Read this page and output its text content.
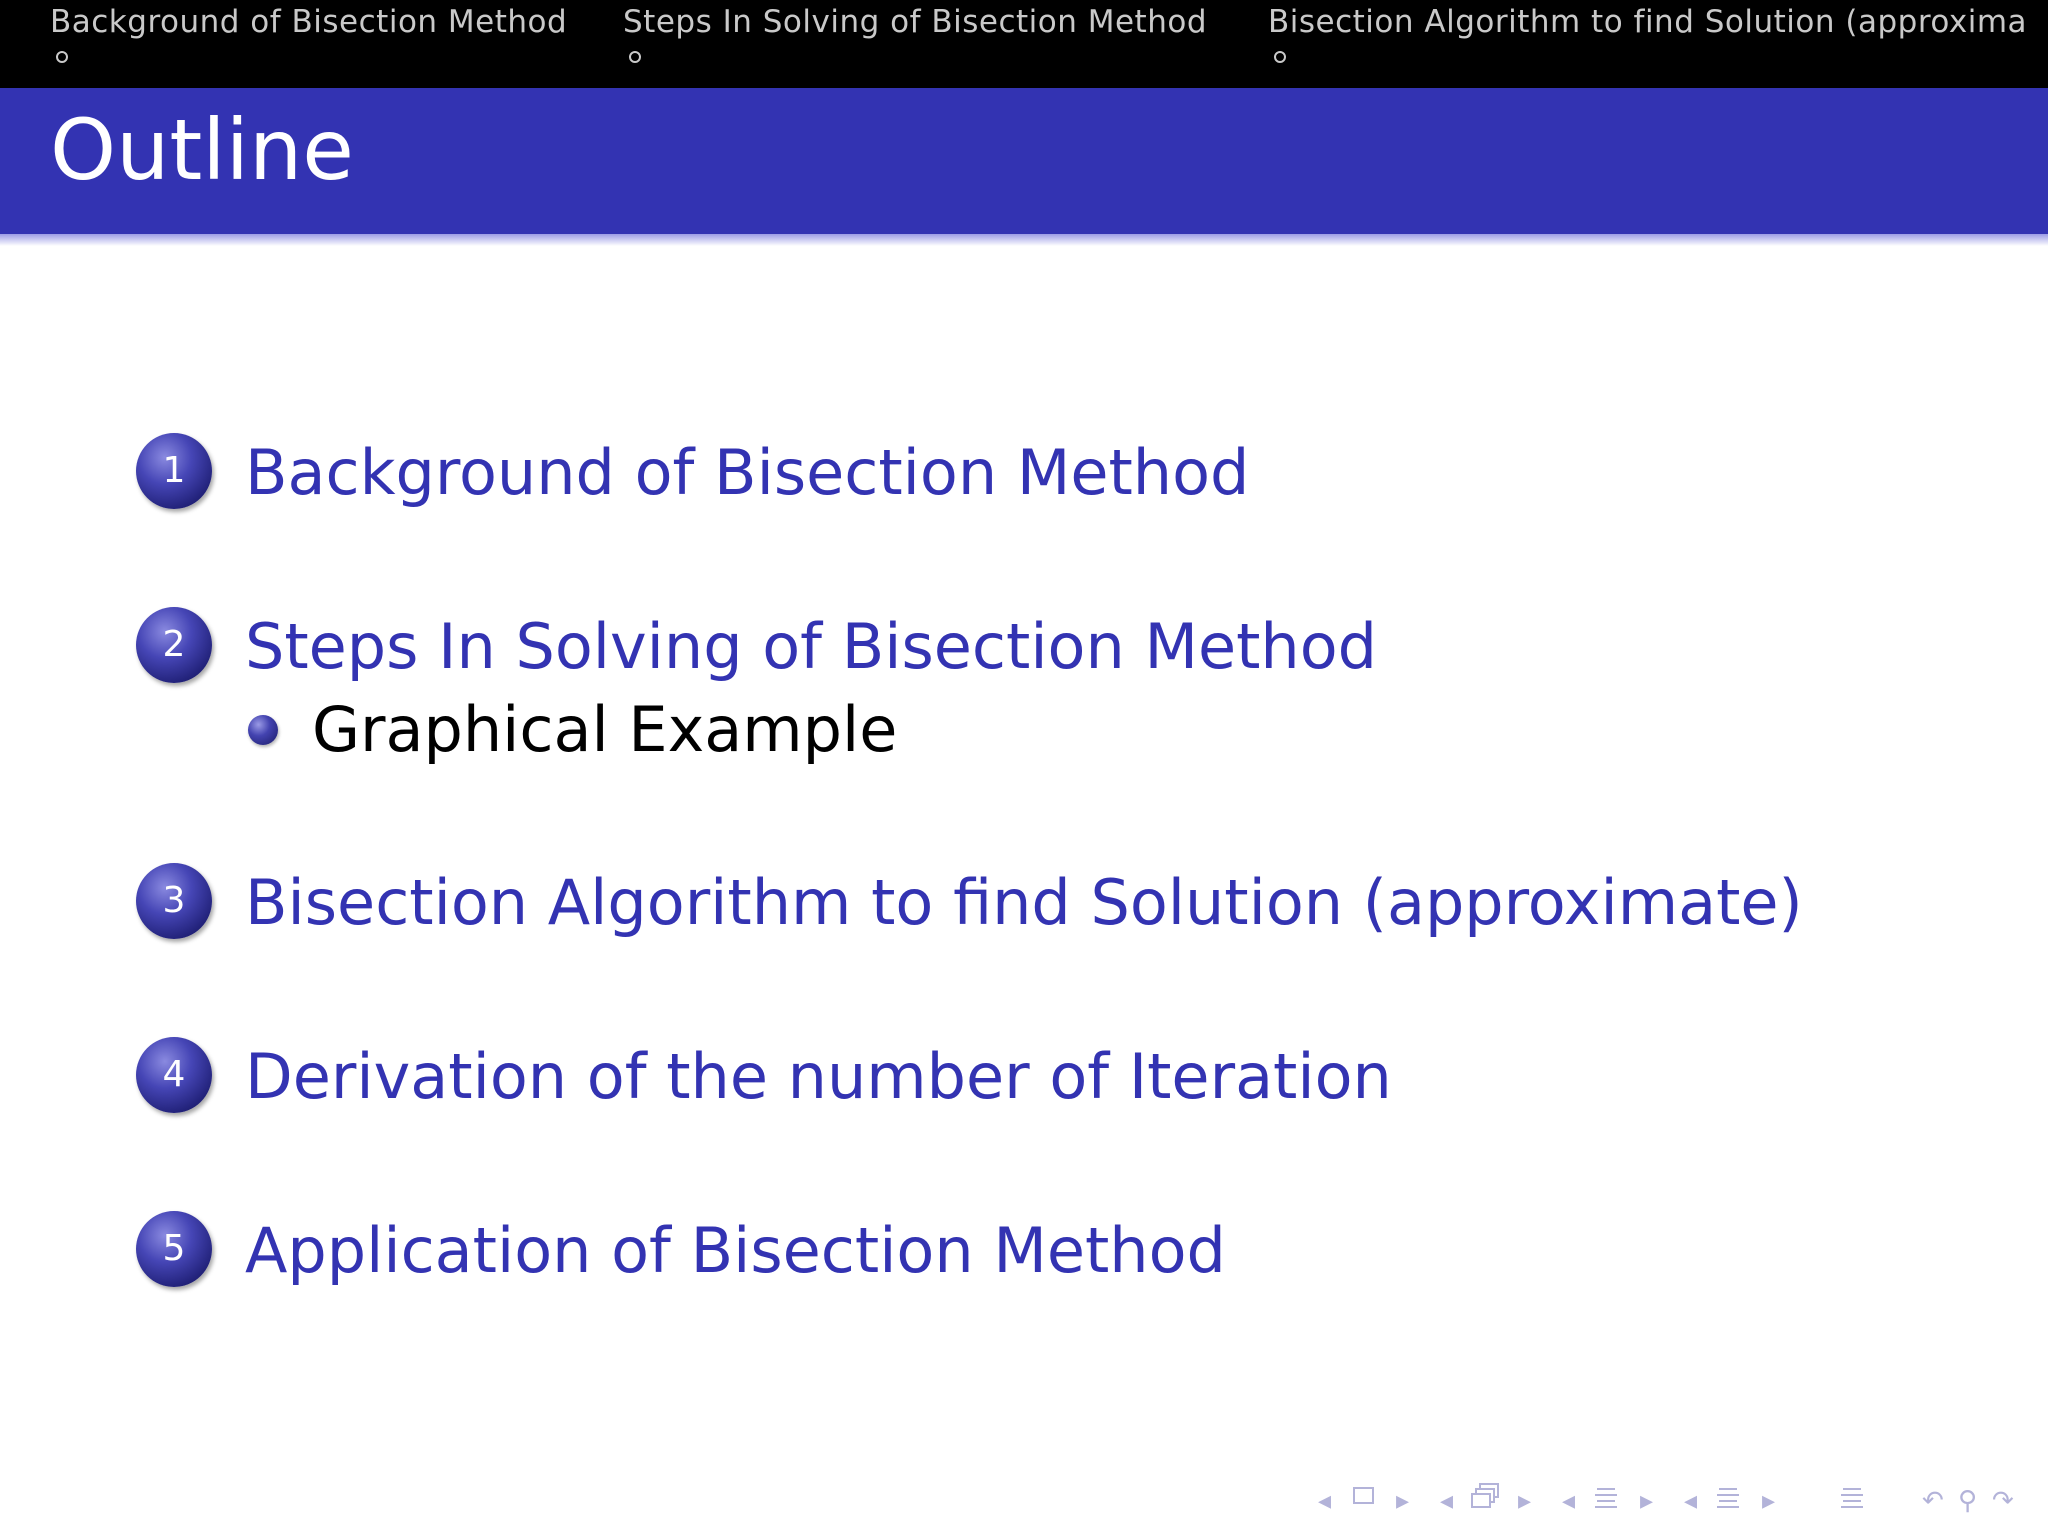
Background of Bisection Method Steps In Solving of Bisection Method Bisection Algorithm to find Solution (approxima
Outline
1 Background of Bisection Method
2 Steps In Solving of Bisection Method
Graphical Example
3 Bisection Algorithm to find Solution (approximate)
4 Derivation of the number of Iteration
5 Application of Bisection Method
◂ ▸ ◂ ▸ ◂ ▸ ◂ ▸	↶ ⚲ ↷
